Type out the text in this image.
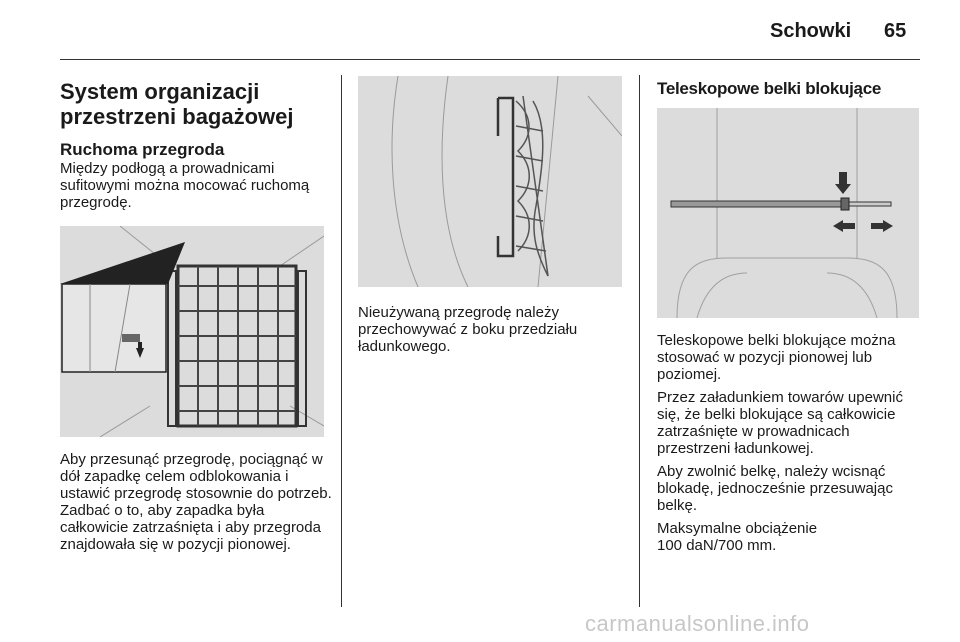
Schowki 65
System organizacji przestrzeni bagażowej
Ruchoma przegroda

Między podłogą a prowadnicami sufitowymi można mocować ruchomą przegrodę.

Aby przesunąć przegrodę, pociągnąć w dół zapadkę celem odblokowania i ustawić przegrodę stosownie do potrzeb. Zadbać o to, aby zapadka była całkowicie zatrzaśnięta i aby przegroda znajdowała się w pozycji pionowej.

Nieużywaną przegrodę należy przechowywać z boku przedziału ładunkowego.

Teleskopowe belki blokujące

Teleskopowe belki blokujące można stosować w pozycji pionowej lub poziomej.

Przez załadunkiem towarów upewnić się, że belki blokujące są całkowicie zatrzaśnięte w prowadnicach przestrzeni ładunkowej.

Aby zwolnić belkę, należy wcisnąć blokadę, jednocześnie przesuwając belkę.

Maksymalne obciążenie

100 daN/700 mm.

carmanualsonline.info
